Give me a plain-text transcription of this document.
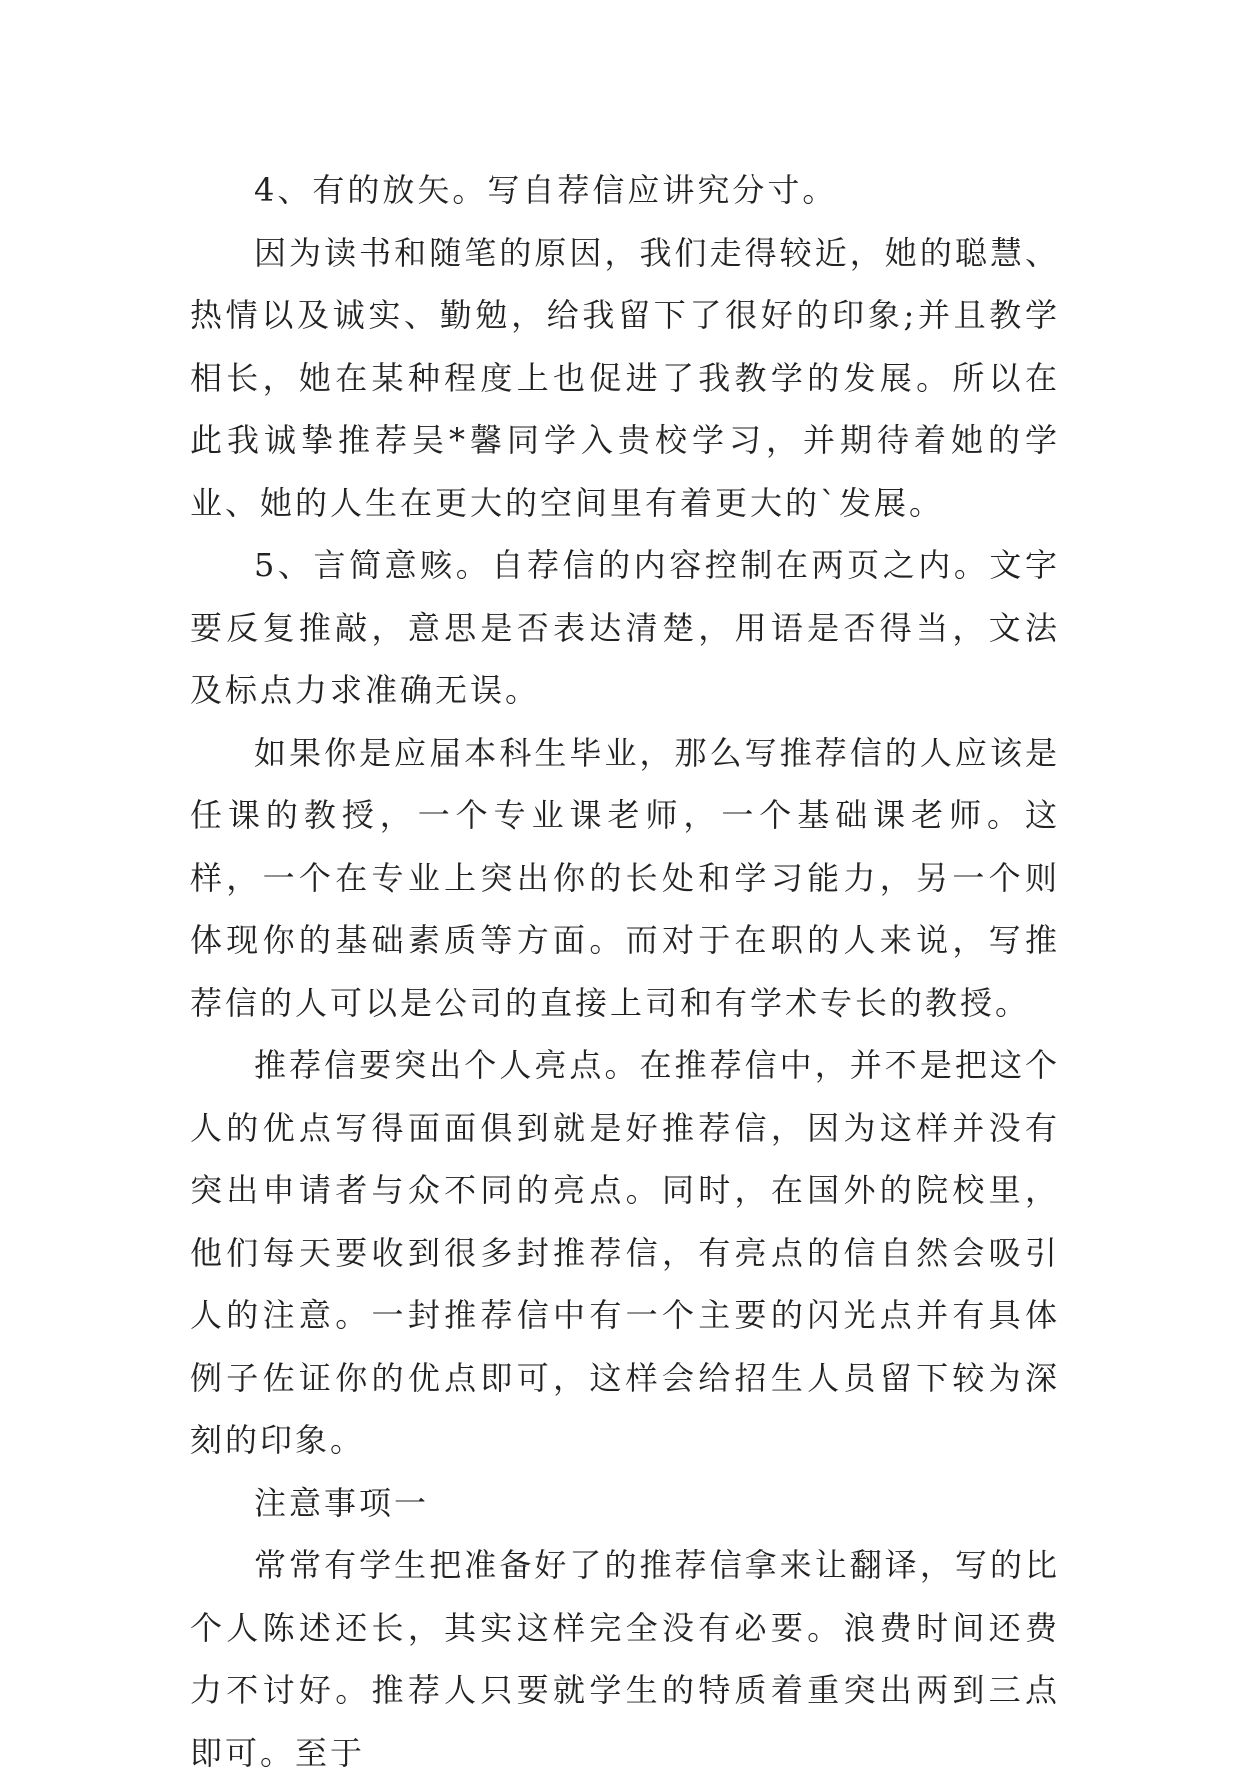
4、有的放矢。写自荐信应讲究分寸。

因为读书和随笔的原因，我们走得较近，她的聪慧、热情以及诚实、勤勉，给我留下了很好的印象;并且教学相长，她在某种程度上也促进了我教学的发展。所以在此我诚挚推荐吴*馨同学入贵校学习，并期待着她的学业、她的人生在更大的空间里有着更大的`发展。

5、言简意赅。自荐信的内容控制在两页之内。文字要反复推敲，意思是否表达清楚，用语是否得当，文法及标点力求准确无误。

如果你是应届本科生毕业，那么写推荐信的人应该是任课的教授，一个专业课老师，一个基础课老师。这样，一个在专业上突出你的长处和学习能力，另一个则体现你的基础素质等方面。而对于在职的人来说，写推荐信的人可以是公司的直接上司和有学术专长的教授。

推荐信要突出个人亮点。在推荐信中，并不是把这个人的优点写得面面俱到就是好推荐信，因为这样并没有突出申请者与众不同的亮点。同时，在国外的院校里，他们每天要收到很多封推荐信，有亮点的信自然会吸引人的注意。一封推荐信中有一个主要的闪光点并有具体例子佐证你的优点即可，这样会给招生人员留下较为深刻的印象。

注意事项一

常常有学生把准备好了的推荐信拿来让翻译，写的比个人陈述还长，其实这样完全没有必要。浪费时间还费力不讨好。推荐人只要就学生的特质着重突出两到三点即可。至于
